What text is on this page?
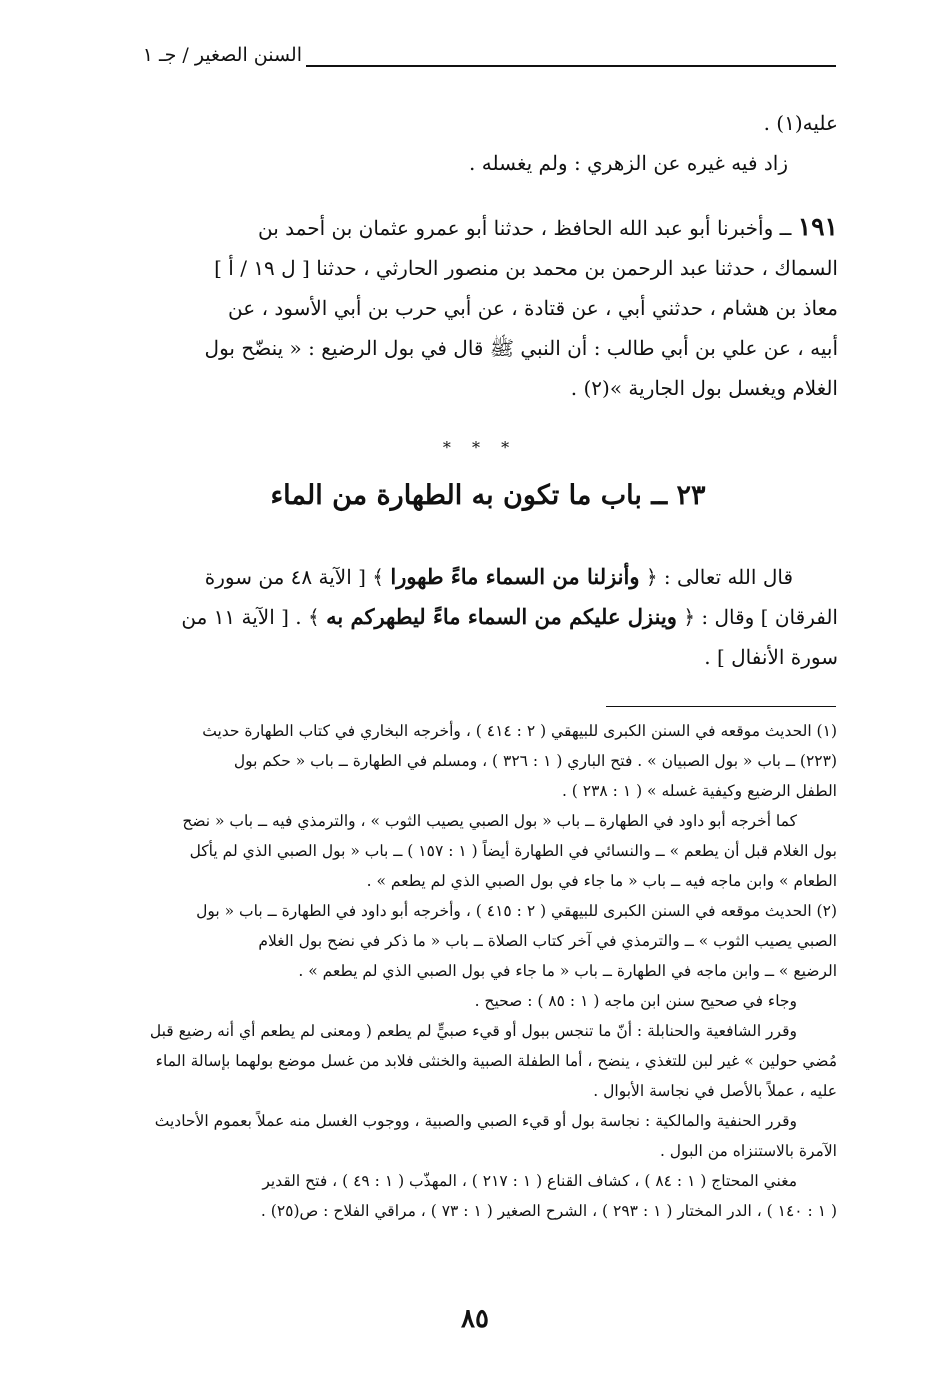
السنن الصغير / جـ ١
عليه(١) .
زاد فيه غيره عن الزهري : ولم يغسله .
١٩١ ــ وأخبرنا أبو عبد الله الحافظ ، حدثنا أبو عمرو عثمان بن أحمد بن
السماك ، حدثنا عبد الرحمن بن محمد بن منصور الحارثي ، حدثنا [ ل ١٩ / أ ]
معاذ بن هشام ، حدثني أبي ، عن قتادة ، عن أبي حرب بن أبي الأسود ، عن
أبيه ، عن علي بن أبي طالب : أن النبي ﷺ قال في بول الرضيع : « ينضّح بول
الغلام ويغسل بول الجارية »(٢) .
* * *
٢٣ ــ باب ما تكون به الطهارة من الماء
قال الله تعالى : ﴿ وأنزلنا من السماء ماءً طهورا ﴾ [ الآية ٤٨ من سورة
الفرقان ] وقال : ﴿ وينزل عليكم من السماء ماءً ليطهركم به ﴾ . [ الآية ١١ من
سورة الأنفال ] .
(١) الحديث موقعه في السنن الكبرى للبيهقي ( ٢ : ٤١٤ ) ، وأخرجه البخاري في كتاب الطهارة حديث
(٢٢٣) ــ باب « بول الصبيان » . فتح الباري ( ١ : ٣٢٦ ) ، ومسلم في الطهارة ــ باب « حكم بول
الطفل الرضيع وكيفية غسله » ( ١ : ٢٣٨ ) .
كما أخرجه أبو داود في الطهارة ــ باب « بول الصبي يصيب الثوب » ، والترمذي فيه ــ باب « نضح
بول الغلام قبل أن يطعم » ــ والنسائي في الطهارة أيضاً ( ١ : ١٥٧ ) ــ باب « بول الصبي الذي لم يأكل
الطعام » وابن ماجه فيه ــ باب « ما جاء في بول الصبي الذي لم يطعم » .
(٢) الحديث موقعه في السنن الكبرى للبيهقي ( ٢ : ٤١٥ ) ، وأخرجه أبو داود في الطهارة ــ باب « بول
الصبي يصيب الثوب » ــ والترمذي في آخر كتاب الصلاة ــ باب « ما ذكر في نضح بول الغلام
الرضيع » ــ وابن ماجه في الطهارة ــ باب « ما جاء في بول الصبي الذي لم يطعم » .
وجاء في صحيح سنن ابن ماجه ( ١ : ٨٥ ) : صحيح .
وقرر الشافعية والحنابلة : أنّ ما تنجس ببول أو قيء صبيٍّ لم يطعم ( ومعنى لم يطعم أي أنه رضيع قبل
مُضي حولين » غير لبن للتغذي ، ينضح ، أما الطفلة الصبية والخنثى فلابد من غسل موضع بولهما بإسالة الماء
عليه ، عملاً بالأصل في نجاسة الأبوال .
وقرر الحنفية والمالكية : نجاسة بول أو قيء الصبي والصبية ، ووجوب الغسل منه عملاً بعموم الأحاديث
الآمرة بالاستنزاه من البول .
مغني المحتاج ( ١ : ٨٤ ) ، كشاف القناع ( ١ : ٢١٧ ) ، المهذّب ( ١ : ٤٩ ) ، فتح القدير
( ١ : ١٤٠ ) ، الدر المختار ( ١ : ٢٩٣ ) ، الشرح الصغير ( ١ : ٧٣ ) ، مراقي الفلاح : ص(٢٥) .
٨٥
